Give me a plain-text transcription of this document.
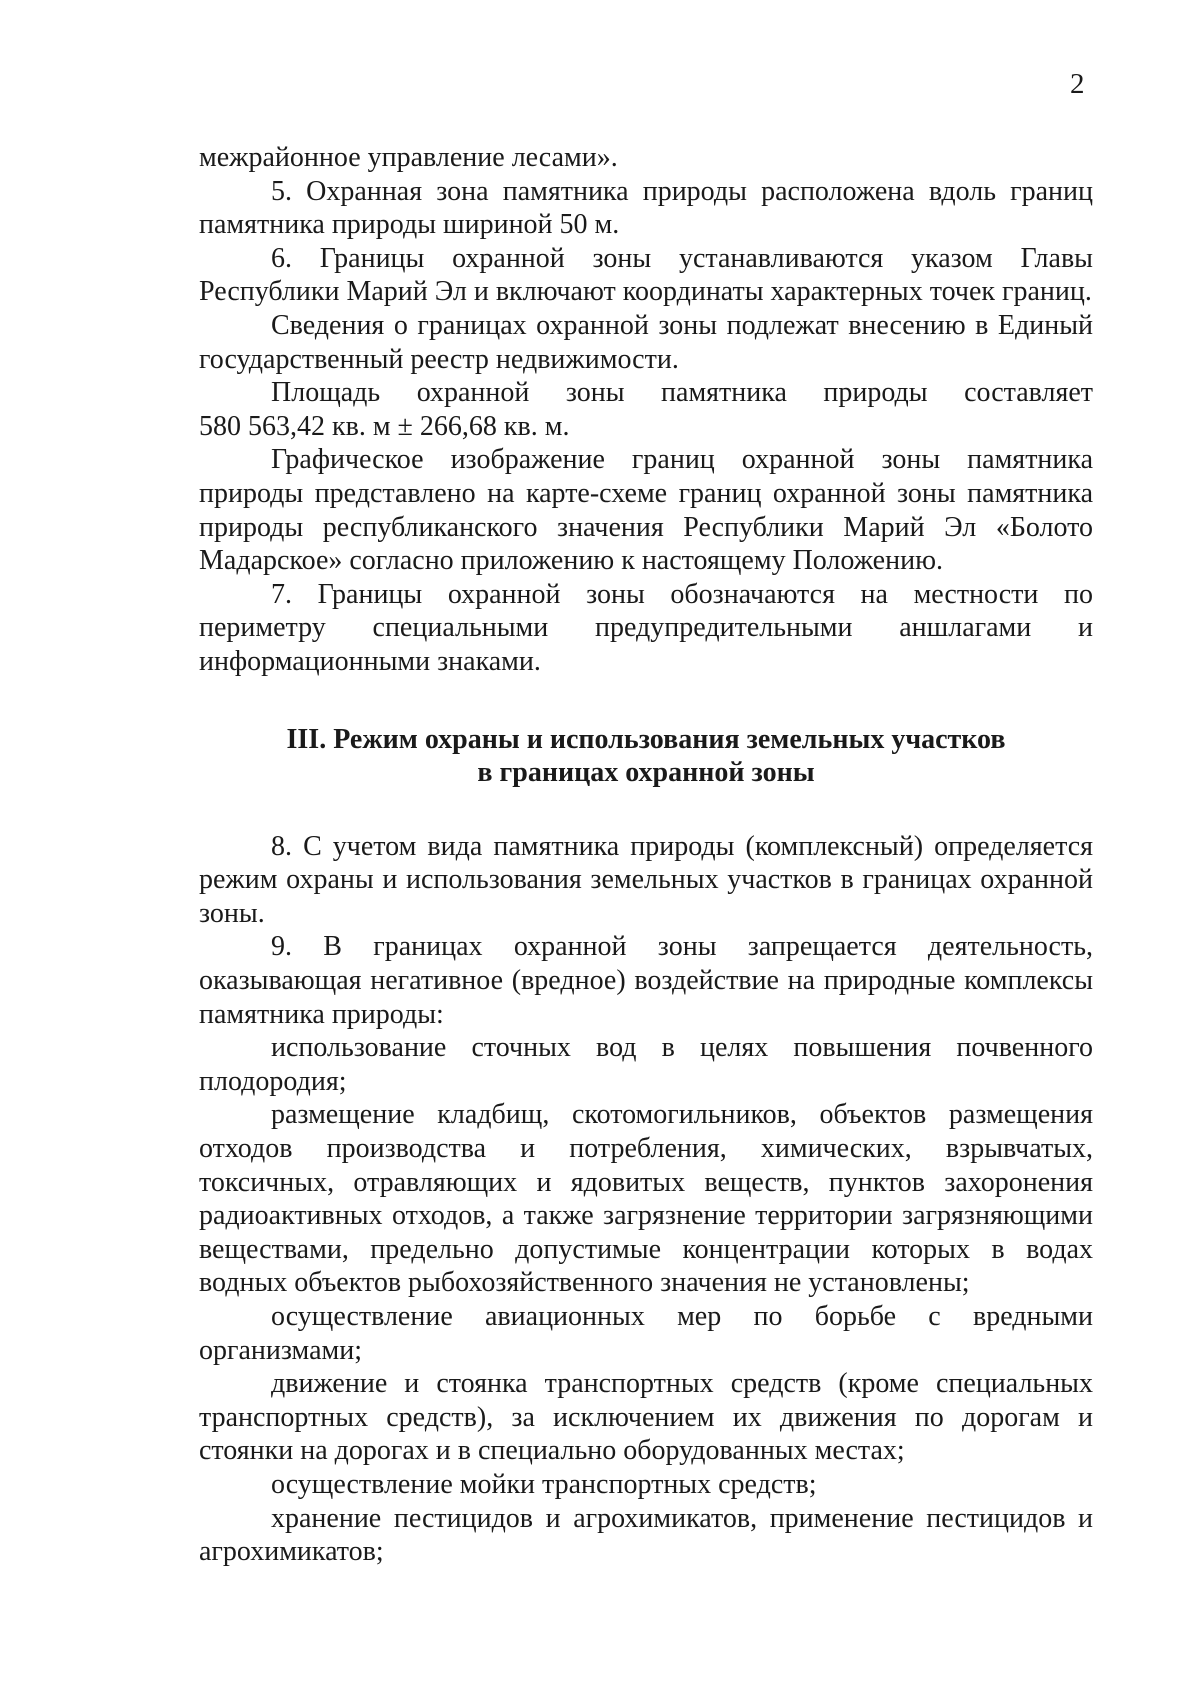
2

межрайонное управление лесами».

5. Охранная зона памятника природы расположена вдоль границ памятника природы шириной 50 м.

6. Границы охранной зоны устанавливаются указом Главы Республики Марий Эл и включают координаты характерных точек границ.

Сведения о границах охранной зоны подлежат внесению в Единый государственный реестр недвижимости.

Площадь охранной зоны памятника природы составляет

580 563,42 кв. м ± 266,68 кв. м.

Графическое изображение границ охранной зоны памятника природы представлено на карте-схеме границ охранной зоны памятника природы республиканского значения Республики Марий Эл «Болото Мадарское» согласно приложению к настоящему Положению.

7. Границы охранной зоны обозначаются на местности по периметру специальными предупредительными аншлагами и информационными знаками.

III. Режим охраны и использования земельных участков
в границах охранной зоны

8. С учетом вида памятника природы (комплексный) определяется режим охраны и использования земельных участков в границах охранной зоны.

9. В границах охранной зоны запрещается деятельность, оказывающая негативное (вредное) воздействие на природные комплексы памятника природы:

использование сточных вод в целях повышения почвенного плодородия;

размещение кладбищ, скотомогильников, объектов размещения отходов производства и потребления, химических, взрывчатых, токсичных, отравляющих и ядовитых веществ, пунктов захоронения радиоактивных отходов, а также загрязнение территории загрязняющими веществами, предельно допустимые концентрации которых в водах водных объектов рыбохозяйственного значения не установлены;

осуществление авиационных мер по борьбе с вредными организмами;

движение и стоянка транспортных средств (кроме специальных транспортных средств), за исключением их движения по дорогам и стоянки на дорогах и в специально оборудованных местах;

осуществление мойки транспортных средств;

хранение пестицидов и агрохимикатов, применение пестицидов и агрохимикатов;
